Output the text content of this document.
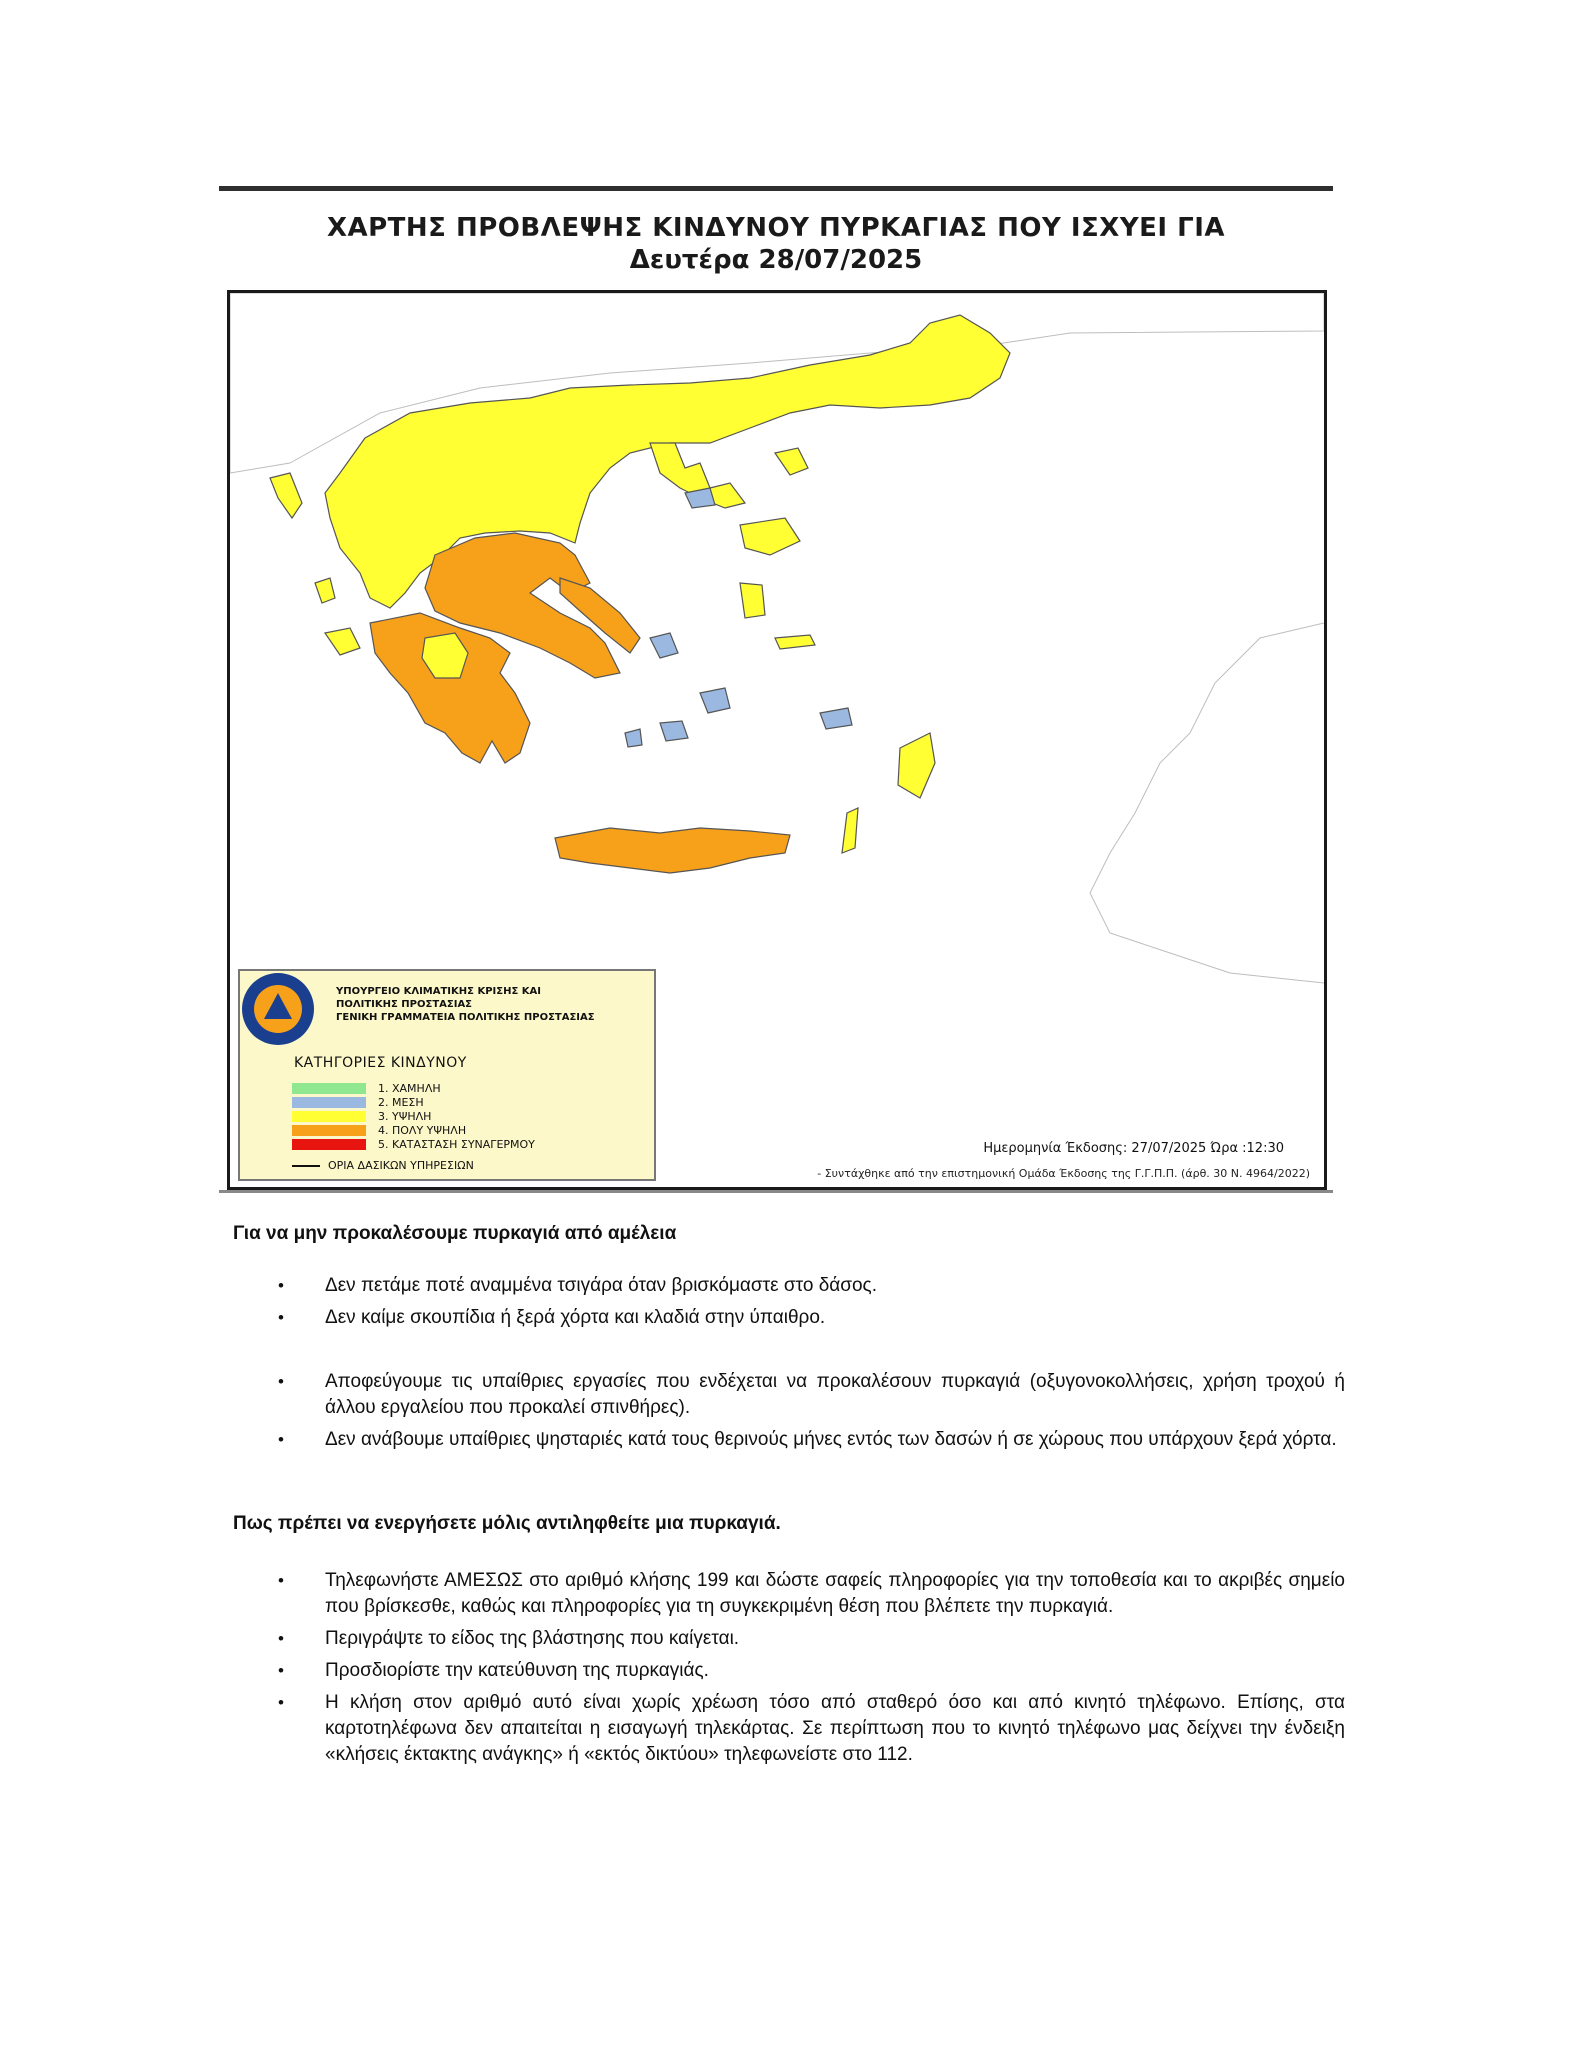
ΧΑΡΤΗΣ ΠΡΟΒΛΕΨΗΣ ΚΙΝΔΥΝΟΥ ΠΥΡΚΑΓΙΑΣ ΠΟΥ ΙΣΧΥΕΙ ΓΙΑ
Δευτέρα 28/07/2025
ΥΠΟΥΡΓΕΙΟ ΚΛΙΜΑΤΙΚΗΣ ΚΡΙΣΗΣ ΚΑΙ
ΠΟΛΙΤΙΚΗΣ ΠΡΟΣΤΑΣΙΑΣ
ΓΕΝΙΚΗ ΓΡΑΜΜΑΤΕΙΑ ΠΟΛΙΤΙΚΗΣ ΠΡΟΣΤΑΣΙΑΣ
ΚΑΤΗΓΟΡΙΕΣ ΚΙΝΔΥΝΟΥ
1. ΧΑΜΗΛΗ
2. ΜΕΣΗ
3. ΥΨΗΛΗ
4. ΠΟΛΥ ΥΨΗΛΗ
5. ΚΑΤΑΣΤΑΣΗ ΣΥΝΑΓΕΡΜΟΥ
ΟΡΙΑ ΔΑΣΙΚΩΝ ΥΠΗΡΕΣΙΩΝ
Ημερομηνία Έκδοσης: 27/07/2025 Ώρα :12:30
- Συντάχθηκε από την επιστημονική Ομάδα Έκδοσης της Γ.Γ.Π.Π. (άρθ. 30 Ν. 4964/2022)
Για να μην προκαλέσουμε πυρκαγιά από αμέλεια
• Δεν πετάμε ποτέ αναμμένα τσιγάρα όταν βρισκόμαστε στο δάσος.
• Δεν καίμε σκουπίδια ή ξερά χόρτα και κλαδιά στην ύπαιθρο.
• Αποφεύγουμε τις υπαίθριες εργασίες που ενδέχεται να προκαλέσουν πυρκαγιά (οξυγονοκολλήσεις, χρήση τροχού ή άλλου εργαλείου που προκαλεί σπινθήρες).
• Δεν ανάβουμε υπαίθριες ψησταριές κατά τους θερινούς μήνες εντός των δασών ή σε χώρους που υπάρχουν ξερά χόρτα.
Πως πρέπει να ενεργήσετε μόλις αντιληφθείτε μια πυρκαγιά.
• Τηλεφωνήστε ΑΜΕΣΩΣ στο αριθμό κλήσης 199 και δώστε σαφείς πληροφορίες για την τοποθεσία και το ακριβές σημείο που βρίσκεσθε, καθώς και πληροφορίες για τη συγκεκριμένη θέση που βλέπετε την πυρκαγιά.
• Περιγράψτε το είδος της βλάστησης που καίγεται.
• Προσδιορίστε την κατεύθυνση της πυρκαγιάς.
• Η κλήση στον αριθμό αυτό είναι χωρίς χρέωση τόσο από σταθερό όσο και από κινητό τηλέφωνο. Επίσης, στα καρτοτηλέφωνα δεν απαιτείται η εισαγωγή τηλεκάρτας. Σε περίπτωση που το κινητό τηλέφωνο μας δείχνει την ένδειξη «κλήσεις έκτακτης ανάγκης» ή «εκτός δικτύου» τηλεφωνείστε στο 112.
